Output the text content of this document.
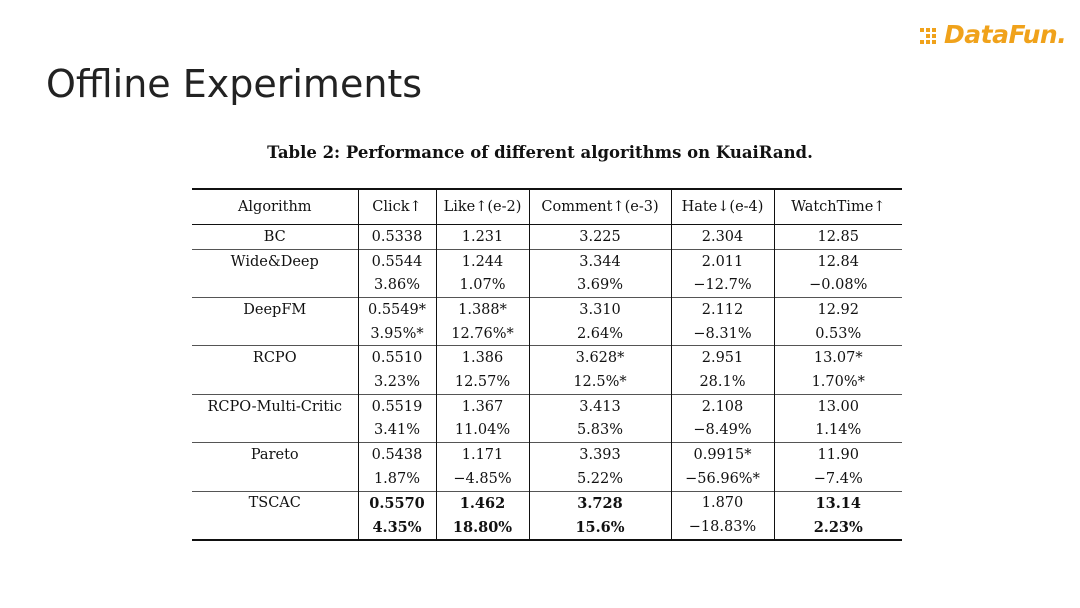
Offline Experiments
DataFun.
Table 2: Performance of different algorithms on KuaiRand.
Algorithm	Click↑	Like↑(e-2)	Comment↑(e-3)	Hate↓(e-4)	WatchTime↑
BC	0.5338	1.231	3.225	2.304	12.85
Wide&Deep	0.5544	1.244	3.344	2.011	12.84
	3.86%	1.07%	3.69%	−12.7%	−0.08%
DeepFM	0.5549*	1.388*	3.310	2.112	12.92
	3.95%*	12.76%*	2.64%	−8.31%	0.53%
RCPO	0.5510	1.386	3.628*	2.951	13.07*
	3.23%	12.57%	12.5%*	28.1%	1.70%*
RCPO-Multi-Critic	0.5519	1.367	3.413	2.108	13.00
	3.41%	11.04%	5.83%	−8.49%	1.14%
Pareto	0.5438	1.171	3.393	0.9915*	11.90
	1.87%	−4.85%	5.22%	−56.96%*	−7.4%
TSCAC	0.5570	1.462	3.728	1.870	13.14
	4.35%	18.80%	15.6%	−18.83%	2.23%
